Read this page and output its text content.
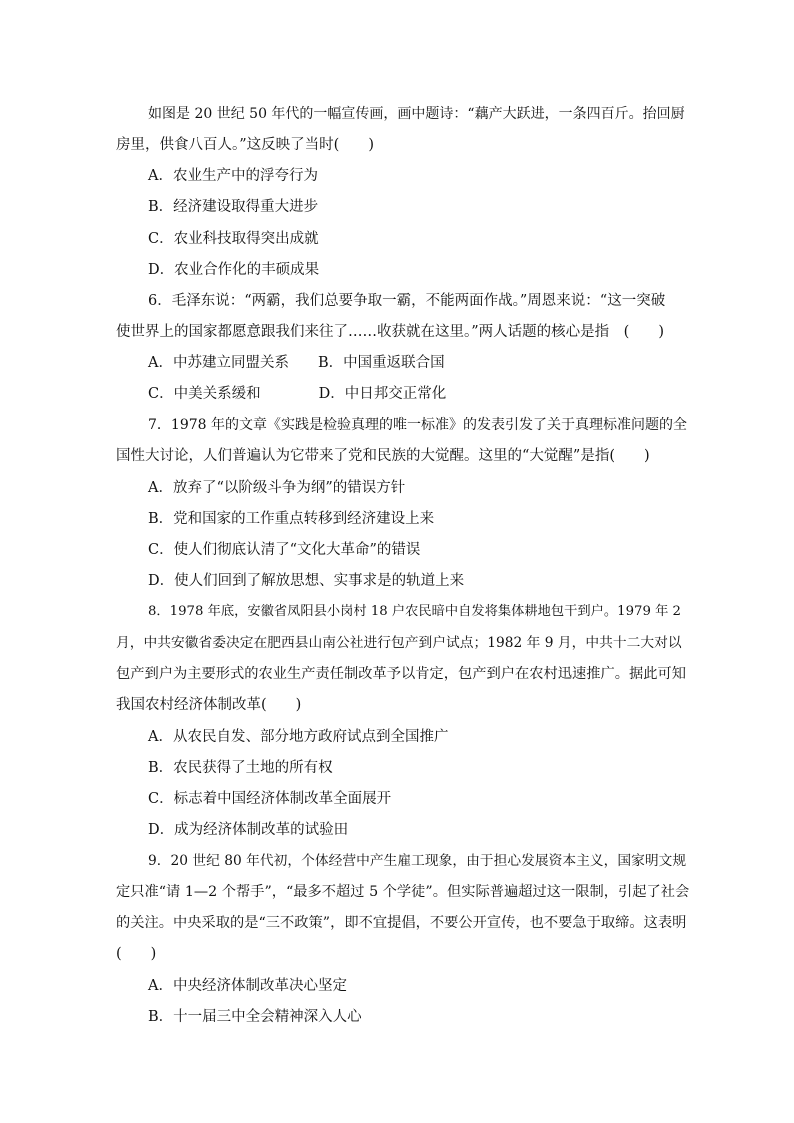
如图是 20 世纪 50 年代的一幅宣传画，画中题诗：“藕产大跃进，一条四百斤。抬回厨
房里，供食八百人。”这反映了当时(　　)
A．农业生产中的浮夸行为
B．经济建设取得重大进步
C．农业科技取得突出成就
D．农业合作化的丰硕成果
6．毛泽东说：“两霸，我们总要争取一霸，不能两面作战。”周恩来说：“这一突破
使世界上的国家都愿意跟我们来往了……收获就在这里。”两人话题的核心是指　(　　)
A．中苏建立同盟关系　　B．中国重返联合国
C．中美关系缓和　　　　D．中日邦交正常化
7．1978 年的文章《实践是检验真理的唯一标准》的发表引发了关于真理标准问题的全
国性大讨论，人们普遍认为它带来了党和民族的大觉醒。这里的“大觉醒”是指(　　)
A．放弃了“以阶级斗争为纲”的错误方针
B．党和国家的工作重点转移到经济建设上来
C．使人们彻底认清了“文化大革命”的错误
D．使人们回到了解放思想、实事求是的轨道上来
8．1978 年底，安徽省凤阳县小岗村 18 户农民暗中自发将集体耕地包干到户。1979 年 2
月，中共安徽省委决定在肥西县山南公社进行包产到户试点；1982 年 9 月，中共十二大对以
包产到户为主要形式的农业生产责任制改革予以肯定，包产到户在农村迅速推广。据此可知
我国农村经济体制改革(　　)
A．从农民自发、部分地方政府试点到全国推广
B．农民获得了土地的所有权
C．标志着中国经济体制改革全面展开
D．成为经济体制改革的试验田
9．20 世纪 80 年代初，个体经营中产生雇工现象，由于担心发展资本主义，国家明文规
定只准“请 1—2 个帮手”，“最多不超过 5 个学徒”。但实际普遍超过这一限制，引起了社会
的关注。中央采取的是“三不政策”，即不宜提倡，不要公开宣传，也不要急于取缔。这表明
(　　)
A．中央经济体制改革决心坚定
B．十一届三中全会精神深入人心
